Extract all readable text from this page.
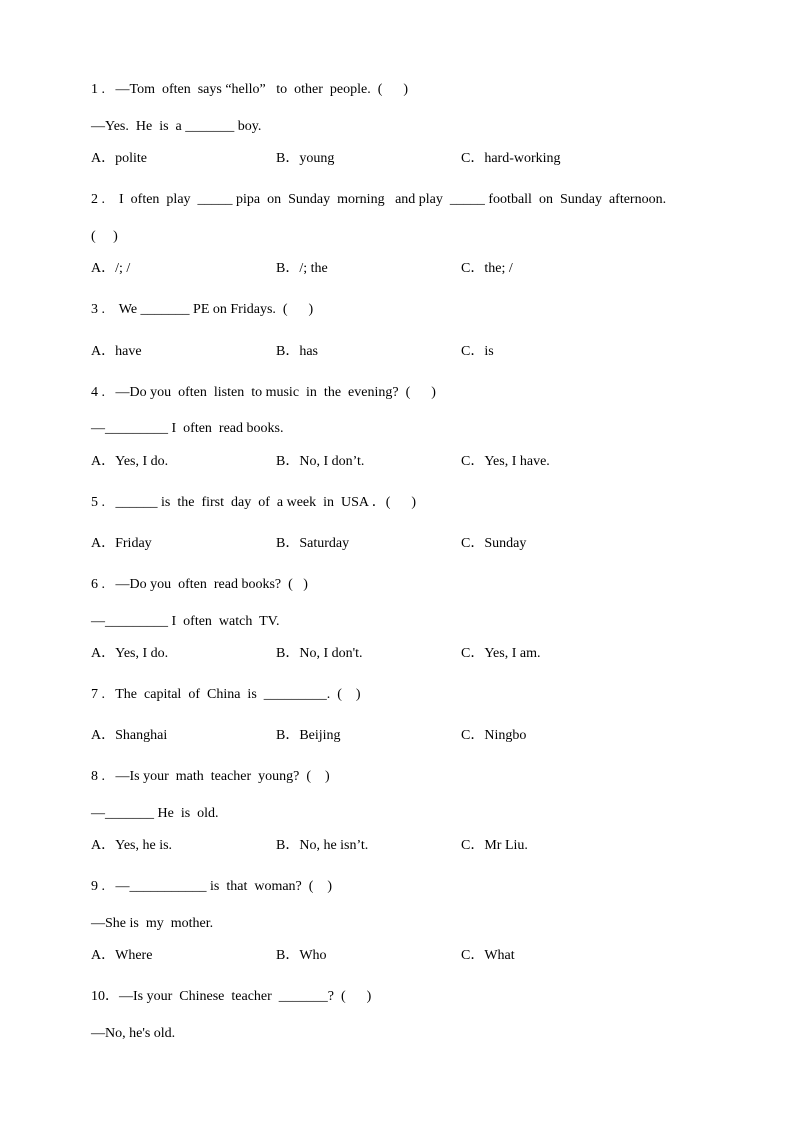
1 .   —Tom  often  says “hello”   to  other  people.  (      )
—Yes.  He  is  a _______ boy.
A．polite	B．young	C．hard-working
2 .    I  often  play  _____ pipa  on  Sunday  morning   and play  _____ football  on  Sunday  afternoon.
(     )
A．/; /	B．/; the	C．the; /
3 .    We _______ PE on Fridays.  (      )
A．have	B．has	C．is
4 .   —Do you  often  listen  to music  in  the  evening?  (      )
—_________ I  often  read books.
A．Yes, I do.	B．No, I don’t.	C．Yes, I have.
5 .   ______ is  the  first  day  of  a week  in  USA ．(      )
A．Friday	B．Saturday	C．Sunday
6 .   —Do you  often  read books?  (   )
—_________ I  often  watch  TV.
A．Yes, I do.	B．No, I don't.	C．Yes, I am.
7 .   The  capital  of  China  is  _________.  (    )
A．Shanghai	B．Beijing	C．Ningbo
8 .   —Is your  math  teacher  young?  (    )
—_______ He  is  old.
A．Yes, he is.	B．No, he isn’t.	C．Mr Liu.
9 .   —___________ is  that  woman?  (    )
—She is  my  mother.
A．Where	B．Who	C．What
10．—Is your  Chinese  teacher  _______?  (      )
—No, he's old.
